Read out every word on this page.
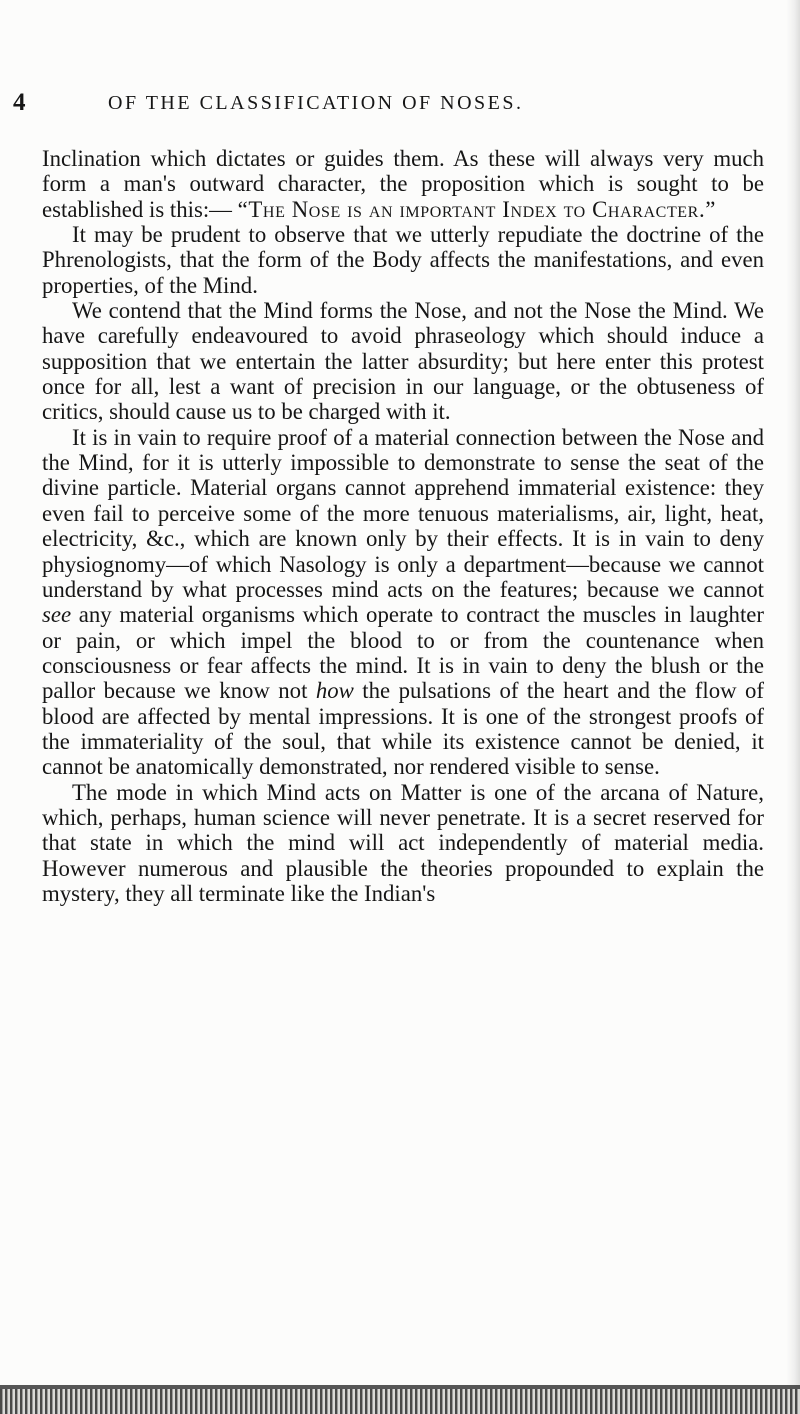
4	OF THE CLASSIFICATION OF NOSES.

Inclination which dictates or guides them. As these will always very much form a man's outward character, the proposition which is sought to be established is this:— “The Nose is an important Index to Character.”

It may be prudent to observe that we utterly repudiate the doctrine of the Phrenologists, that the form of the Body affects the manifestations, and even properties, of the Mind.

We contend that the Mind forms the Nose, and not the Nose the Mind. We have carefully endeavoured to avoid phraseology which should induce a supposition that we entertain the latter absurdity; but here enter this protest once for all, lest a want of precision in our language, or the obtuseness of critics, should cause us to be charged with it.

It is in vain to require proof of a material connection between the Nose and the Mind, for it is utterly impossible to demonstrate to sense the seat of the divine particle. Material organs cannot apprehend immaterial existence: they even fail to perceive some of the more tenuous materialisms, air, light, heat, electricity, &c., which are known only by their effects. It is in vain to deny physiognomy—of which Nasology is only a department—because we cannot understand by what processes mind acts on the features; because we cannot see any material organisms which operate to contract the muscles in laughter or pain, or which impel the blood to or from the countenance when consciousness or fear affects the mind. It is in vain to deny the blush or the pallor because we know not how the pulsations of the heart and the flow of blood are affected by mental impressions. It is one of the strongest proofs of the immateriality of the soul, that while its existence cannot be denied, it cannot be anatomically demonstrated, nor rendered visible to sense.

The mode in which Mind acts on Matter is one of the arcana of Nature, which, perhaps, human science will never penetrate. It is a secret reserved for that state in which the mind will act independently of material media. However numerous and plausible the theories propounded to explain the mystery, they all terminate like the Indian's
